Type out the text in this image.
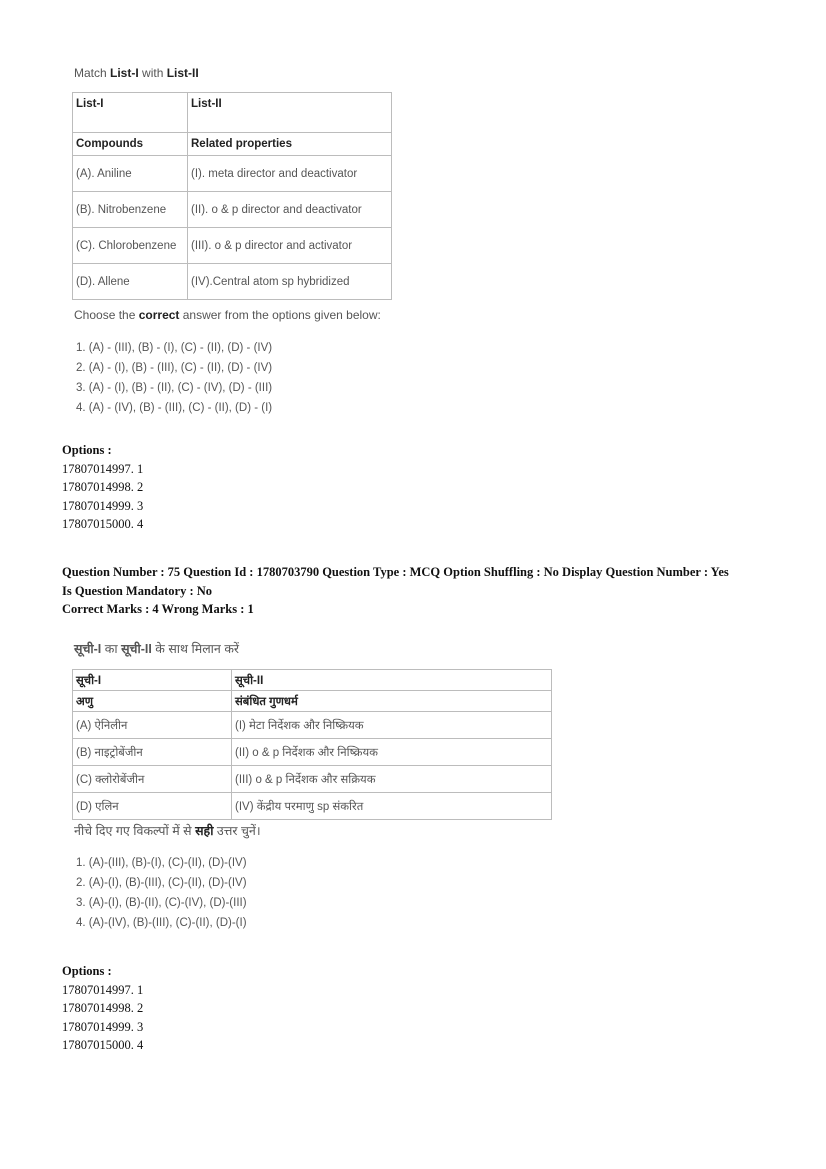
Match List-I with List-II
List-I	List-II
Compounds	Related properties
(A). Aniline	(I). meta director and deactivator
(B). Nitrobenzene	(II). o & p director and deactivator
(C). Chlorobenzene	(III). o & p director and activator
(D). Allene	(IV).Central atom sp hybridized
Choose the correct answer from the options given below:
1. (A) - (III), (B) - (I), (C) - (II), (D) - (IV)
2. (A) - (I), (B) - (III), (C) - (II), (D) - (IV)
3. (A) - (I), (B) - (II), (C) - (IV), (D) - (III)
4. (A) - (IV), (B) - (III), (C) - (II), (D) - (I)
Options :
17807014997. 1
17807014998. 2
17807014999. 3
17807015000. 4
Question Number : 75 Question Id : 1780703790 Question Type : MCQ Option Shuffling : No Display Question Number : Yes
Is Question Mandatory : No
Correct Marks : 4 Wrong Marks : 1
सूची-I का सूची-II के साथ मिलान करें
सूची-I	सूची-II
अणु	संबंधित गुणधर्म
(A) ऐनिलीन	(I) मेटा निर्देशक और निष्क्रियक
(B) नाइट्रोबेंजीन	(II) o & p निर्देशक और निष्क्रियक
(C) क्लोरोबेंजीन	(III) o & p निर्देशक और सक्रियक
(D) एलिन	(IV) केंद्रीय परमाणु sp संकरित
नीचे दिए गए विकल्पों में से सही उत्तर चुनें।
1. (A)-(III), (B)-(I), (C)-(II), (D)-(IV)
2. (A)-(I), (B)-(III), (C)-(II), (D)-(IV)
3. (A)-(I), (B)-(II), (C)-(IV), (D)-(III)
4. (A)-(IV), (B)-(III), (C)-(II), (D)-(I)
Options :
17807014997. 1
17807014998. 2
17807014999. 3
17807015000. 4
